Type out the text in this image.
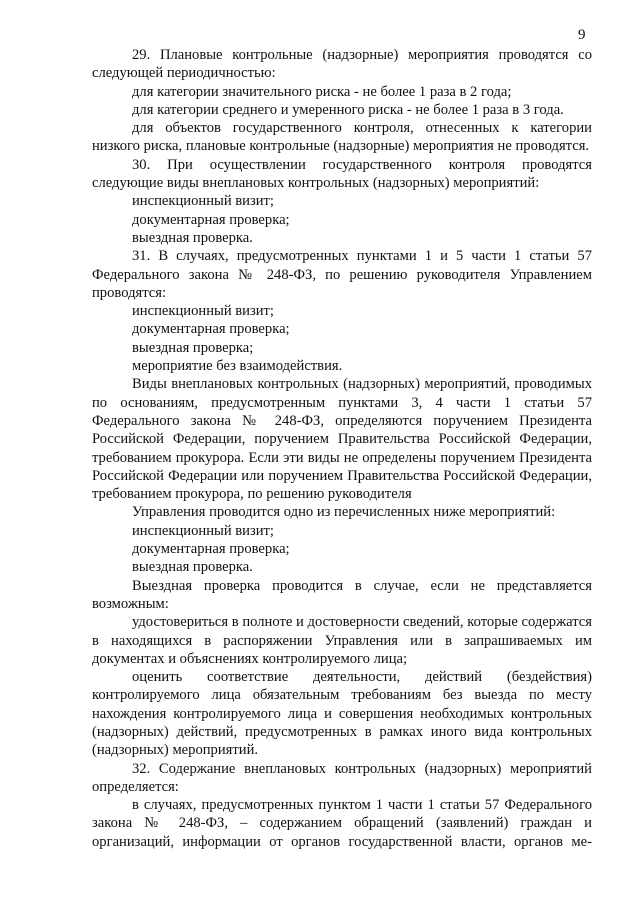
9

29. Плановые контрольные (надзорные) мероприятия проводятся со следующей периодичностью:

для категории значительного риска - не более 1 раза в 2 года;

для категории среднего и умеренного риска - не более 1 раза в 3 года.

для объектов государственного контроля, отнесенных к категории низкого риска, плановые контрольные (надзорные) мероприятия не проводятся.

30. При осуществлении государственного контроля проводятся следующие виды внеплановых контрольных (надзорных) мероприятий:

инспекционный визит;

документарная проверка;

выездная проверка.

31. В случаях, предусмотренных пунктами 1 и 5 части 1 статьи 57 Федерального закона № 248-ФЗ, по решению руководителя Управлением проводятся:

инспекционный визит;

документарная проверка;

выездная проверка;

мероприятие без взаимодействия.

Виды внеплановых контрольных (надзорных) мероприятий, проводимых по основаниям, предусмотренным пунктами 3, 4 части 1 статьи 57 Федерального закона № 248-ФЗ, определяются поручением Президента Российской Федерации, поручением Правительства Российской Федерации, требованием прокурора. Если эти виды не определены поручением Президента Российской Федерации или поручением Правительства Российской Федерации, требованием прокурора, по решению руководителя

Управления проводится одно из перечисленных ниже мероприятий:

инспекционный визит;

документарная проверка;

выездная проверка.

Выездная проверка проводится в случае, если не представляется возможным:

удостовериться в полноте и достоверности сведений, которые содержатся в находящихся в распоряжении Управления или в запрашиваемых им документах и объяснениях контролируемого лица;

оценить соответствие деятельности, действий (бездействия) контролируемого лица обязательным требованиям без выезда по месту нахождения контролируемого лица и совершения необходимых контрольных (надзорных) действий, предусмотренных в рамках иного вида контрольных (надзорных) мероприятий.

32. Содержание внеплановых контрольных (надзорных) мероприятий определяется:

в случаях, предусмотренных пунктом 1 части 1 статьи 57 Федерального закона № 248-ФЗ, – содержанием обращений (заявлений) граждан и организаций, информации от органов государственной власти, органов ме-
